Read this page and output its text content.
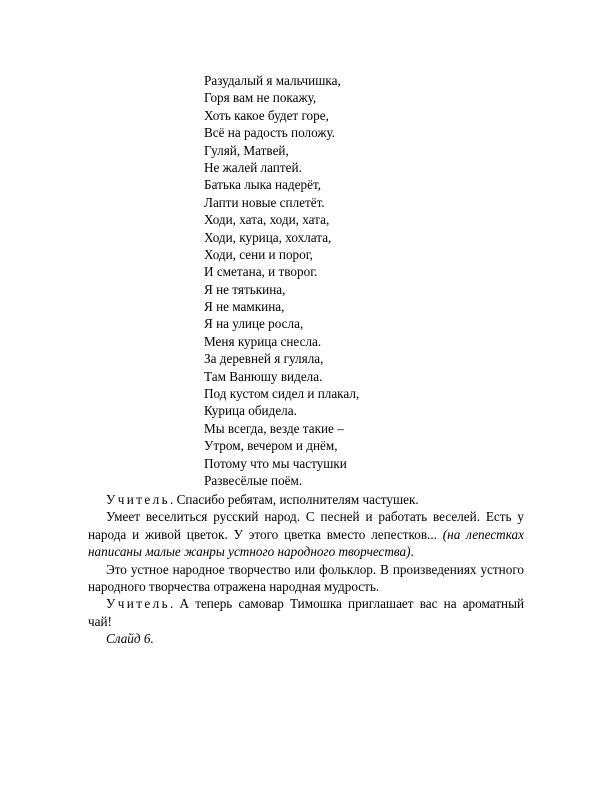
Разудалый я мальчишка,
Горя вам не покажу,
Хоть какое будет горе,
Всё на радость положу.
Гуляй, Матвей,
Не жалей лаптей.
Батька лыка надерёт,
Лапти новые сплетёт.
Ходи, хата, ходи, хата,
Ходи, курица, хохлата,
Ходи, сени и порог,
И сметана, и творог.
Я не тятькина,
Я не мамкина,
Я на улице росла,
Меня курица снесла.
За деревней я гуляла,
Там Ванюшу видела.
Под кустом сидел и плакал,
Курица обидела.
Мы всегда, везде такие –
Утром, вечером и днём,
Потому что мы частушки
Развесёлые поём.

Учитель. Спасибо ребятам, исполнителям частушек.

Умеет веселиться русский народ. С песней и работать веселей. Есть у народа и живой цветок. У этого цветка вместо лепестков... (на лепестках написаны малые жанры устного народного творчества).

Это устное народное творчество или фольклор. В произведениях устного народного творчества отражена народная мудрость.

Учитель. А теперь самовар Тимошка приглашает вас на ароматный чай!

Слайд 6.
